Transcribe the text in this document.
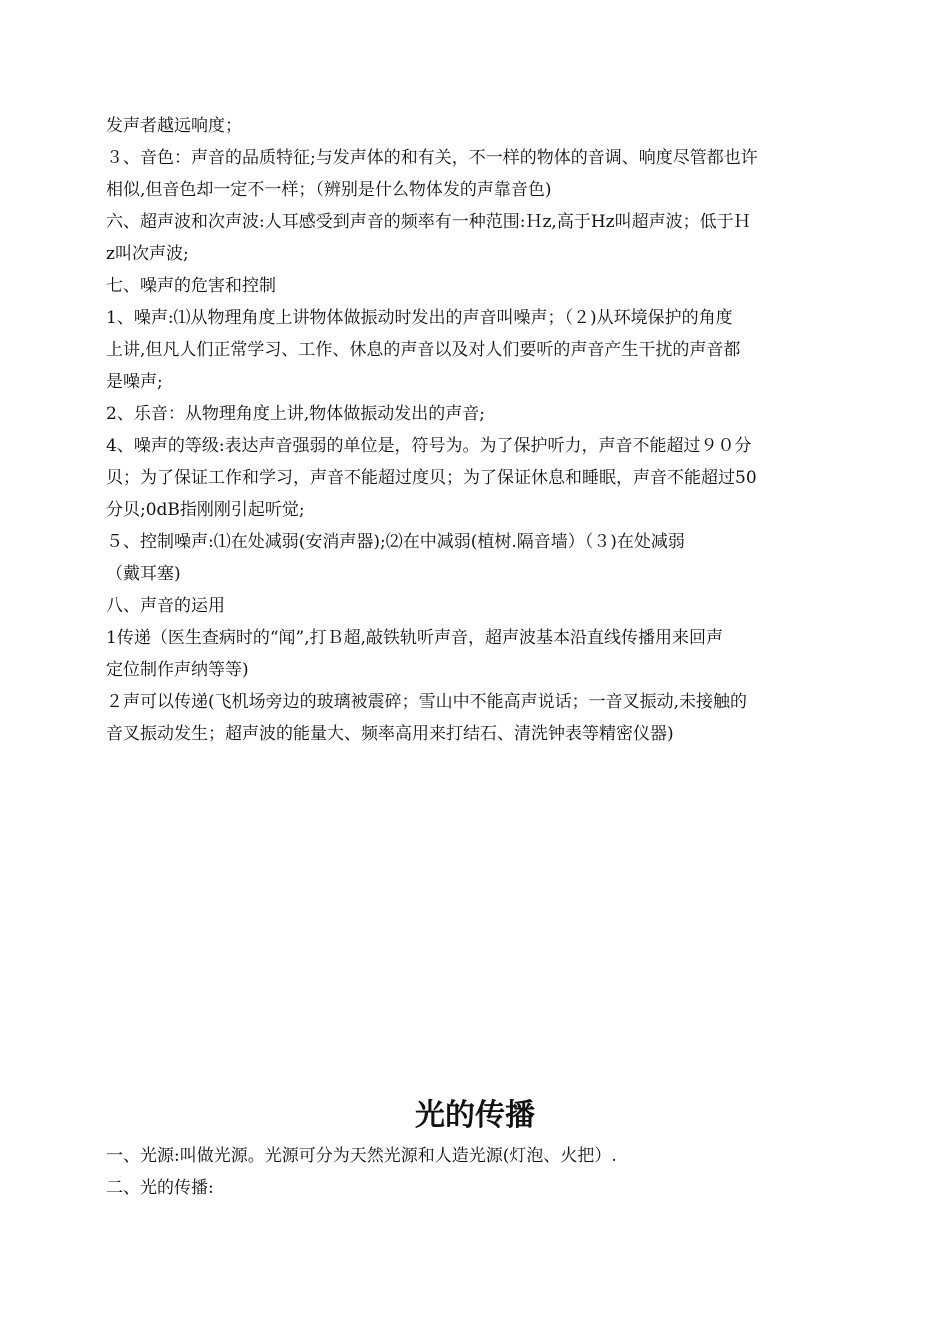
发声者越远响度；
３、音色：声音的品质特征;与发声体的和有关，不一样的物体的音调、响度尽管都也许
相似,但音色却一定不一样；（辨别是什么物体发的声靠音色)
六、超声波和次声波:人耳感受到声音的频率有一种范围:Ｈz,高于Hz叫超声波；低于Ｈ
z叫次声波;
七、噪声的危害和控制
1、噪声:⑴从物理角度上讲物体做振动时发出的声音叫噪声；（２)从环境保护的角度
上讲,但凡人们正常学习、工作、休息的声音以及对人们要听的声音产生干扰的声音都
是噪声;
2、乐音：从物理角度上讲,物体做振动发出的声音;
4、噪声的等级:表达声音强弱的单位是，符号为。为了保护听力，声音不能超过９０分
贝；为了保证工作和学习，声音不能超过度贝；为了保证休息和睡眠，声音不能超过50
分贝;0dB指刚刚引起听觉;
５、控制噪声:⑴在处减弱(安消声器);⑵在中减弱(植树.隔音墙）（３)在处减弱
（戴耳塞)
八、声音的运用
1传递（医生查病时的“闻”,打Ｂ超,敲铁轨听声音，超声波基本沿直线传播用来回声
定位制作声纳等等)
２声可以传递(飞机场旁边的玻璃被震碎；雪山中不能高声说话；一音叉振动,未接触的
音叉振动发生；超声波的能量大、频率高用来打结石、清洗钟表等精密仪器)
光的传播
一、光源:叫做光源。光源可分为天然光源和人造光源(灯泡、火把）.
二、光的传播:
